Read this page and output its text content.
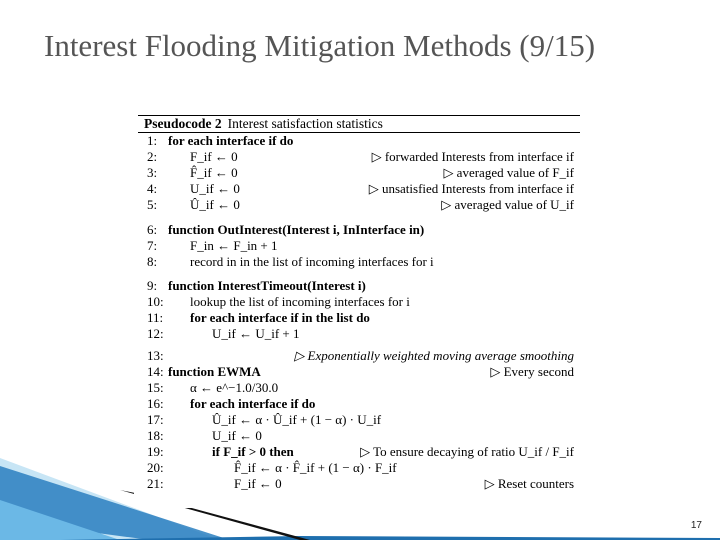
Interest Flooding Mitigation Methods (9/15)
Pseudocode 2 Interest satisfaction statistics
1: for each interface if do
2:	F_if ← 0	▷ forwarded Interests from interface if
3:	F̂_if ← 0	▷ averaged value of F_if
4:	U_if ← 0	▷ unsatisfied Interests from interface if
5:	Û_if ← 0	▷ averaged value of U_if
6: function OutInterest(Interest i, InInterface in)
7:	F_in ← F_in + 1
8:	record in in the list of incoming interfaces for i
9: function InterestTimeout(Interest i)
10:	lookup the list of incoming interfaces for i
11:	for each interface if in the list do
12:	U_if ← U_if + 1
13:	▷ Exponentially weighted moving average smoothing
14: function EWMA	▷ Every second
15:	α ← e^−1.0/30.0
16:	for each interface if do
17:	Û_if ← α · Û_if + (1 − α) · U_if
18:	U_if ← 0
19:	if F_if > 0 then	▷ To ensure decaying of ratio U_if / F_if
20:	F̂_if ← α · F̂_if + (1 − α) · F_if
21:	F_if ← 0	▷ Reset counters
17
